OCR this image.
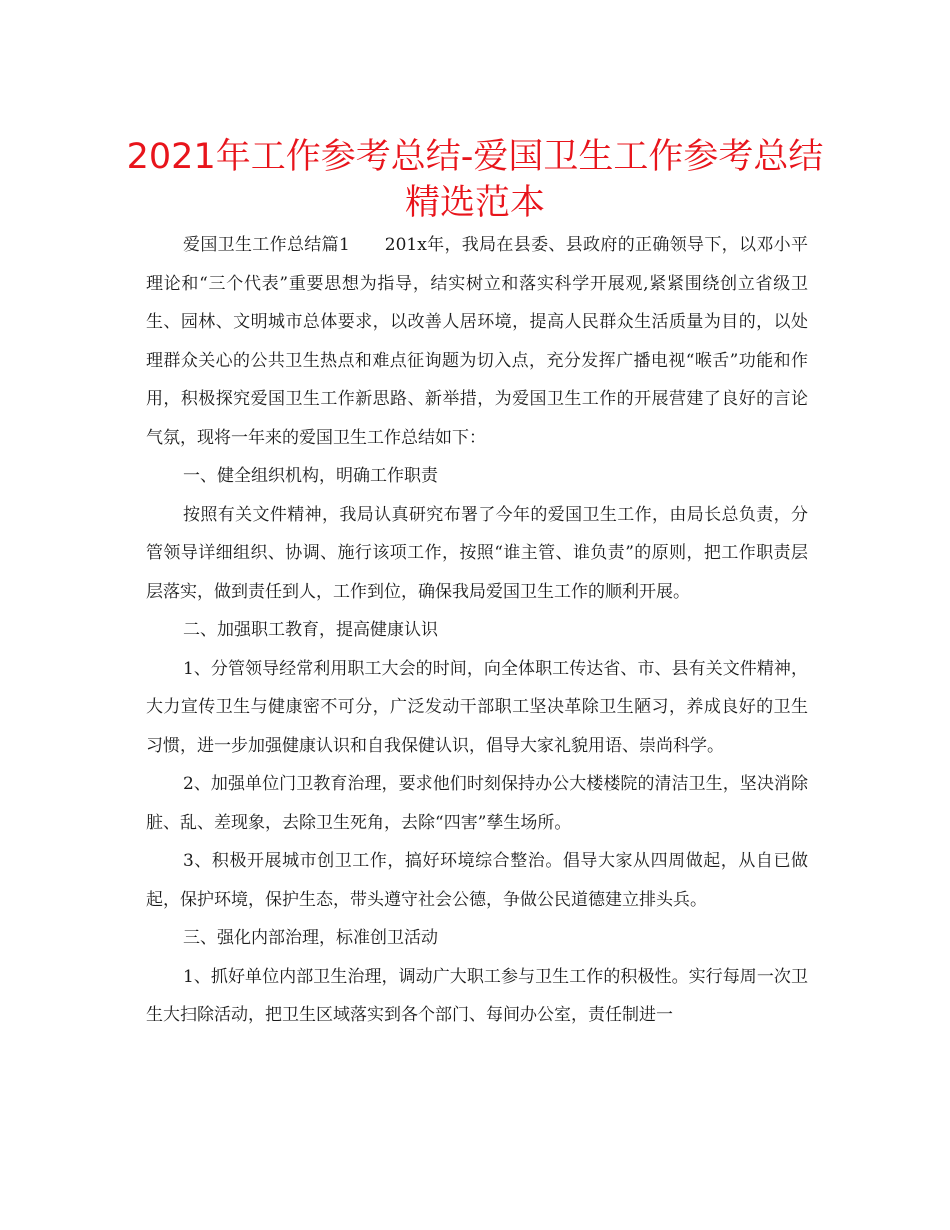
2021年工作参考总结-爱国卫生工作参考总结精选范本

爱国卫生工作总结篇1　　201x年，我局在县委、县政府的正确领导下，以邓小平理论和“三个代表”重要思想为指导，结实树立和落实科学开展观,紧紧围绕创立省级卫生、园林、文明城市总体要求，以改善人居环境，提高人民群众生活质量为目的，以处理群众关心的公共卫生热点和难点征询题为切入点，充分发挥广播电视“喉舌”功能和作用，积极探究爱国卫生工作新思路、新举措，为爱国卫生工作的开展营建了良好的言论气氛，现将一年来的爱国卫生工作总结如下：

一、健全组织机构，明确工作职责

按照有关文件精神，我局认真研究布署了今年的爱国卫生工作，由局长总负责，分管领导详细组织、协调、施行该项工作，按照“谁主管、谁负责”的原则，把工作职责层层落实，做到责任到人，工作到位，确保我局爱国卫生工作的顺利开展。

二、加强职工教育，提高健康认识

1、分管领导经常利用职工大会的时间，向全体职工传达省、市、县有关文件精神，大力宣传卫生与健康密不可分，广泛发动干部职工坚决革除卫生陋习，养成良好的卫生习惯，进一步加强健康认识和自我保健认识，倡导大家礼貌用语、崇尚科学。

2、加强单位门卫教育治理，要求他们时刻保持办公大楼楼院的清洁卫生，坚决消除脏、乱、差现象，去除卫生死角，去除“四害”孳生场所。

3、积极开展城市创卫工作，搞好环境综合整治。倡导大家从四周做起，从自已做起，保护环境，保护生态，带头遵守社会公德，争做公民道德建立排头兵。

三、强化内部治理，标准创卫活动

1、抓好单位内部卫生治理，调动广大职工参与卫生工作的积极性。实行每周一次卫生大扫除活动，把卫生区域落实到各个部门、每间办公室，责任制进一
